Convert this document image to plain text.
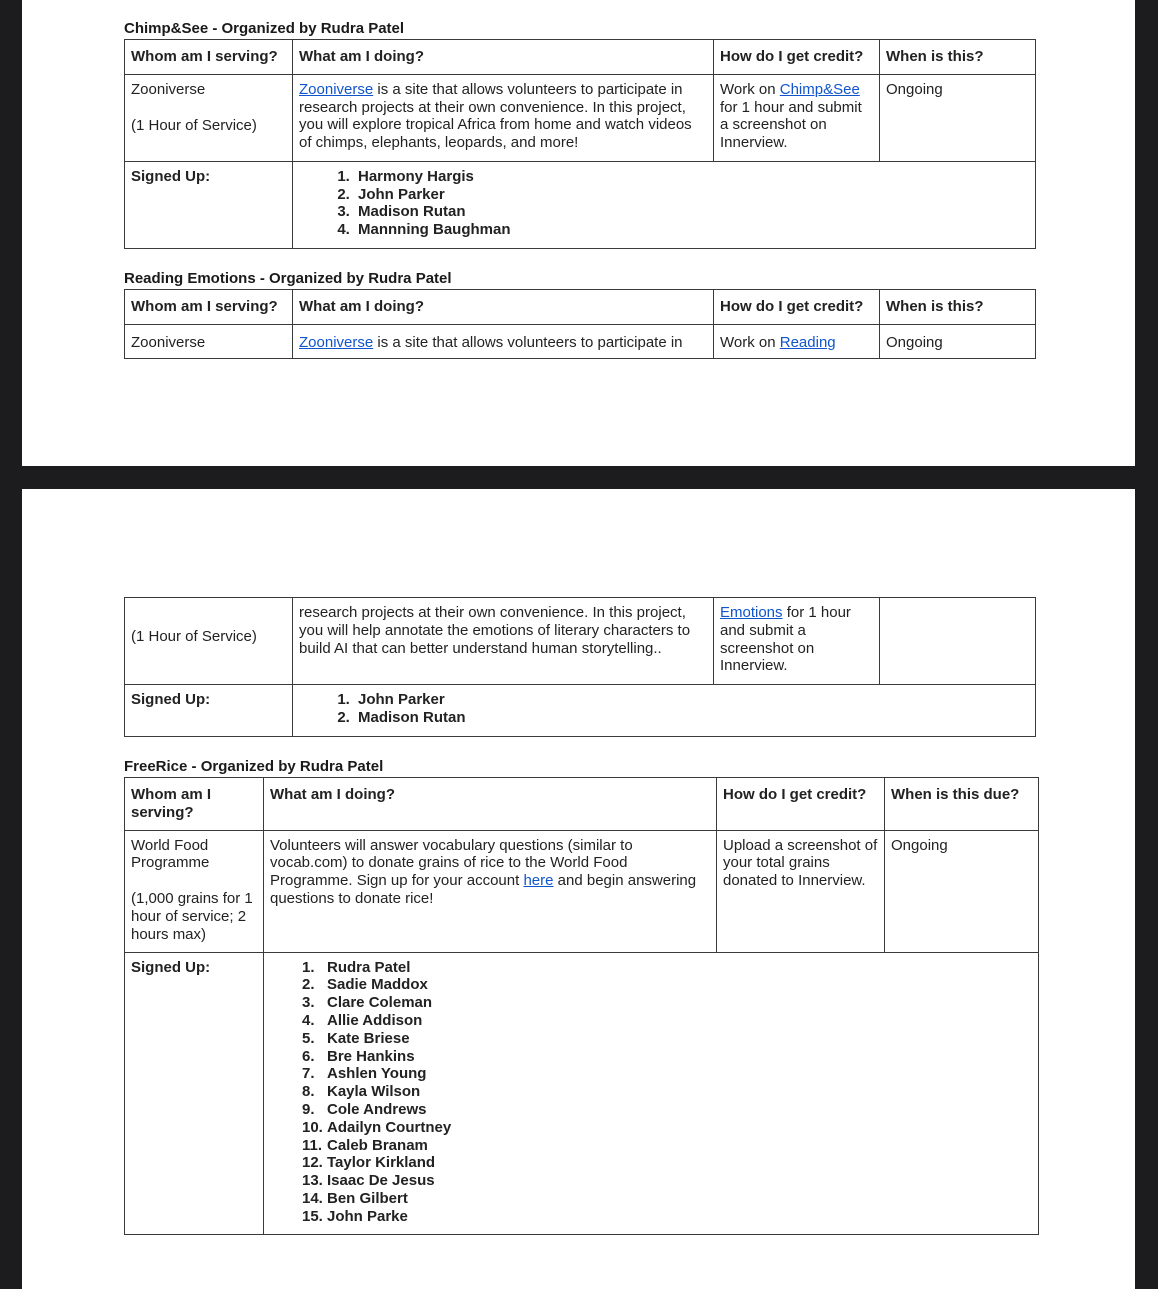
Chimp&See - Organized by Rudra Patel
Whom am I serving?	What am I doing?	How do I get credit?	When is this?

Zooniverse
(1 Hour of Service)	Zooniverse is a site that allows volunteers to participate in research projects at their own convenience. In this project, you will explore tropical Africa from home and watch videos of chimps, elephants, leopards, and more!	Work on Chimp&See for 1 hour and submit a screenshot on Innerview.	Ongoing
Signed Up:	
1.Harmony Hargis
2. John Parker
3. Madison Rutan
4. Mannning Baughman
Reading Emotions - Organized by Rudra Patel
Whom am I serving?	What am I doing?	How do I get credit?	When is this?
Zooniverse	Zooniverse is a site that allows volunteers to participate in	Work on Reading	Ongoing
(1 Hour of Service)	research projects at their own convenience. In this project, you will help annotate the emotions of literary characters to build AI that can better understand human storytelling..	Emotions for 1 hour and submit a screenshot on Innerview.	
Signed Up:	
1.John Parker
2. Madison Rutan
FreeRice - Organized by Rudra Patel
Whom am I serving?	What am I doing?	How do I get credit?	When is this due?

World Food Programme
(1,000 grains for 1 hour of service; 2 hours max)	Volunteers will answer vocabulary questions (similar to vocab.com) to donate grains of rice to the World Food Programme. Sign up for your account here and begin answering questions to donate rice!	Upload a screenshot of your total grains donated to Innerview.	Ongoing
Signed Up:	1. Rudra Patel
2. Sadie Maddox
3. Clare Coleman
4. Allie Addison
5. Kate Briese
6. Bre Hankins
7. Ashlen Young
8. Kayla Wilson
9. Cole Andrews
10. Adailyn Courtney
11. Caleb Branam
12. Taylor Kirkland
13. Isaac De Jesus
14. Ben Gilbert
15. John Parke
